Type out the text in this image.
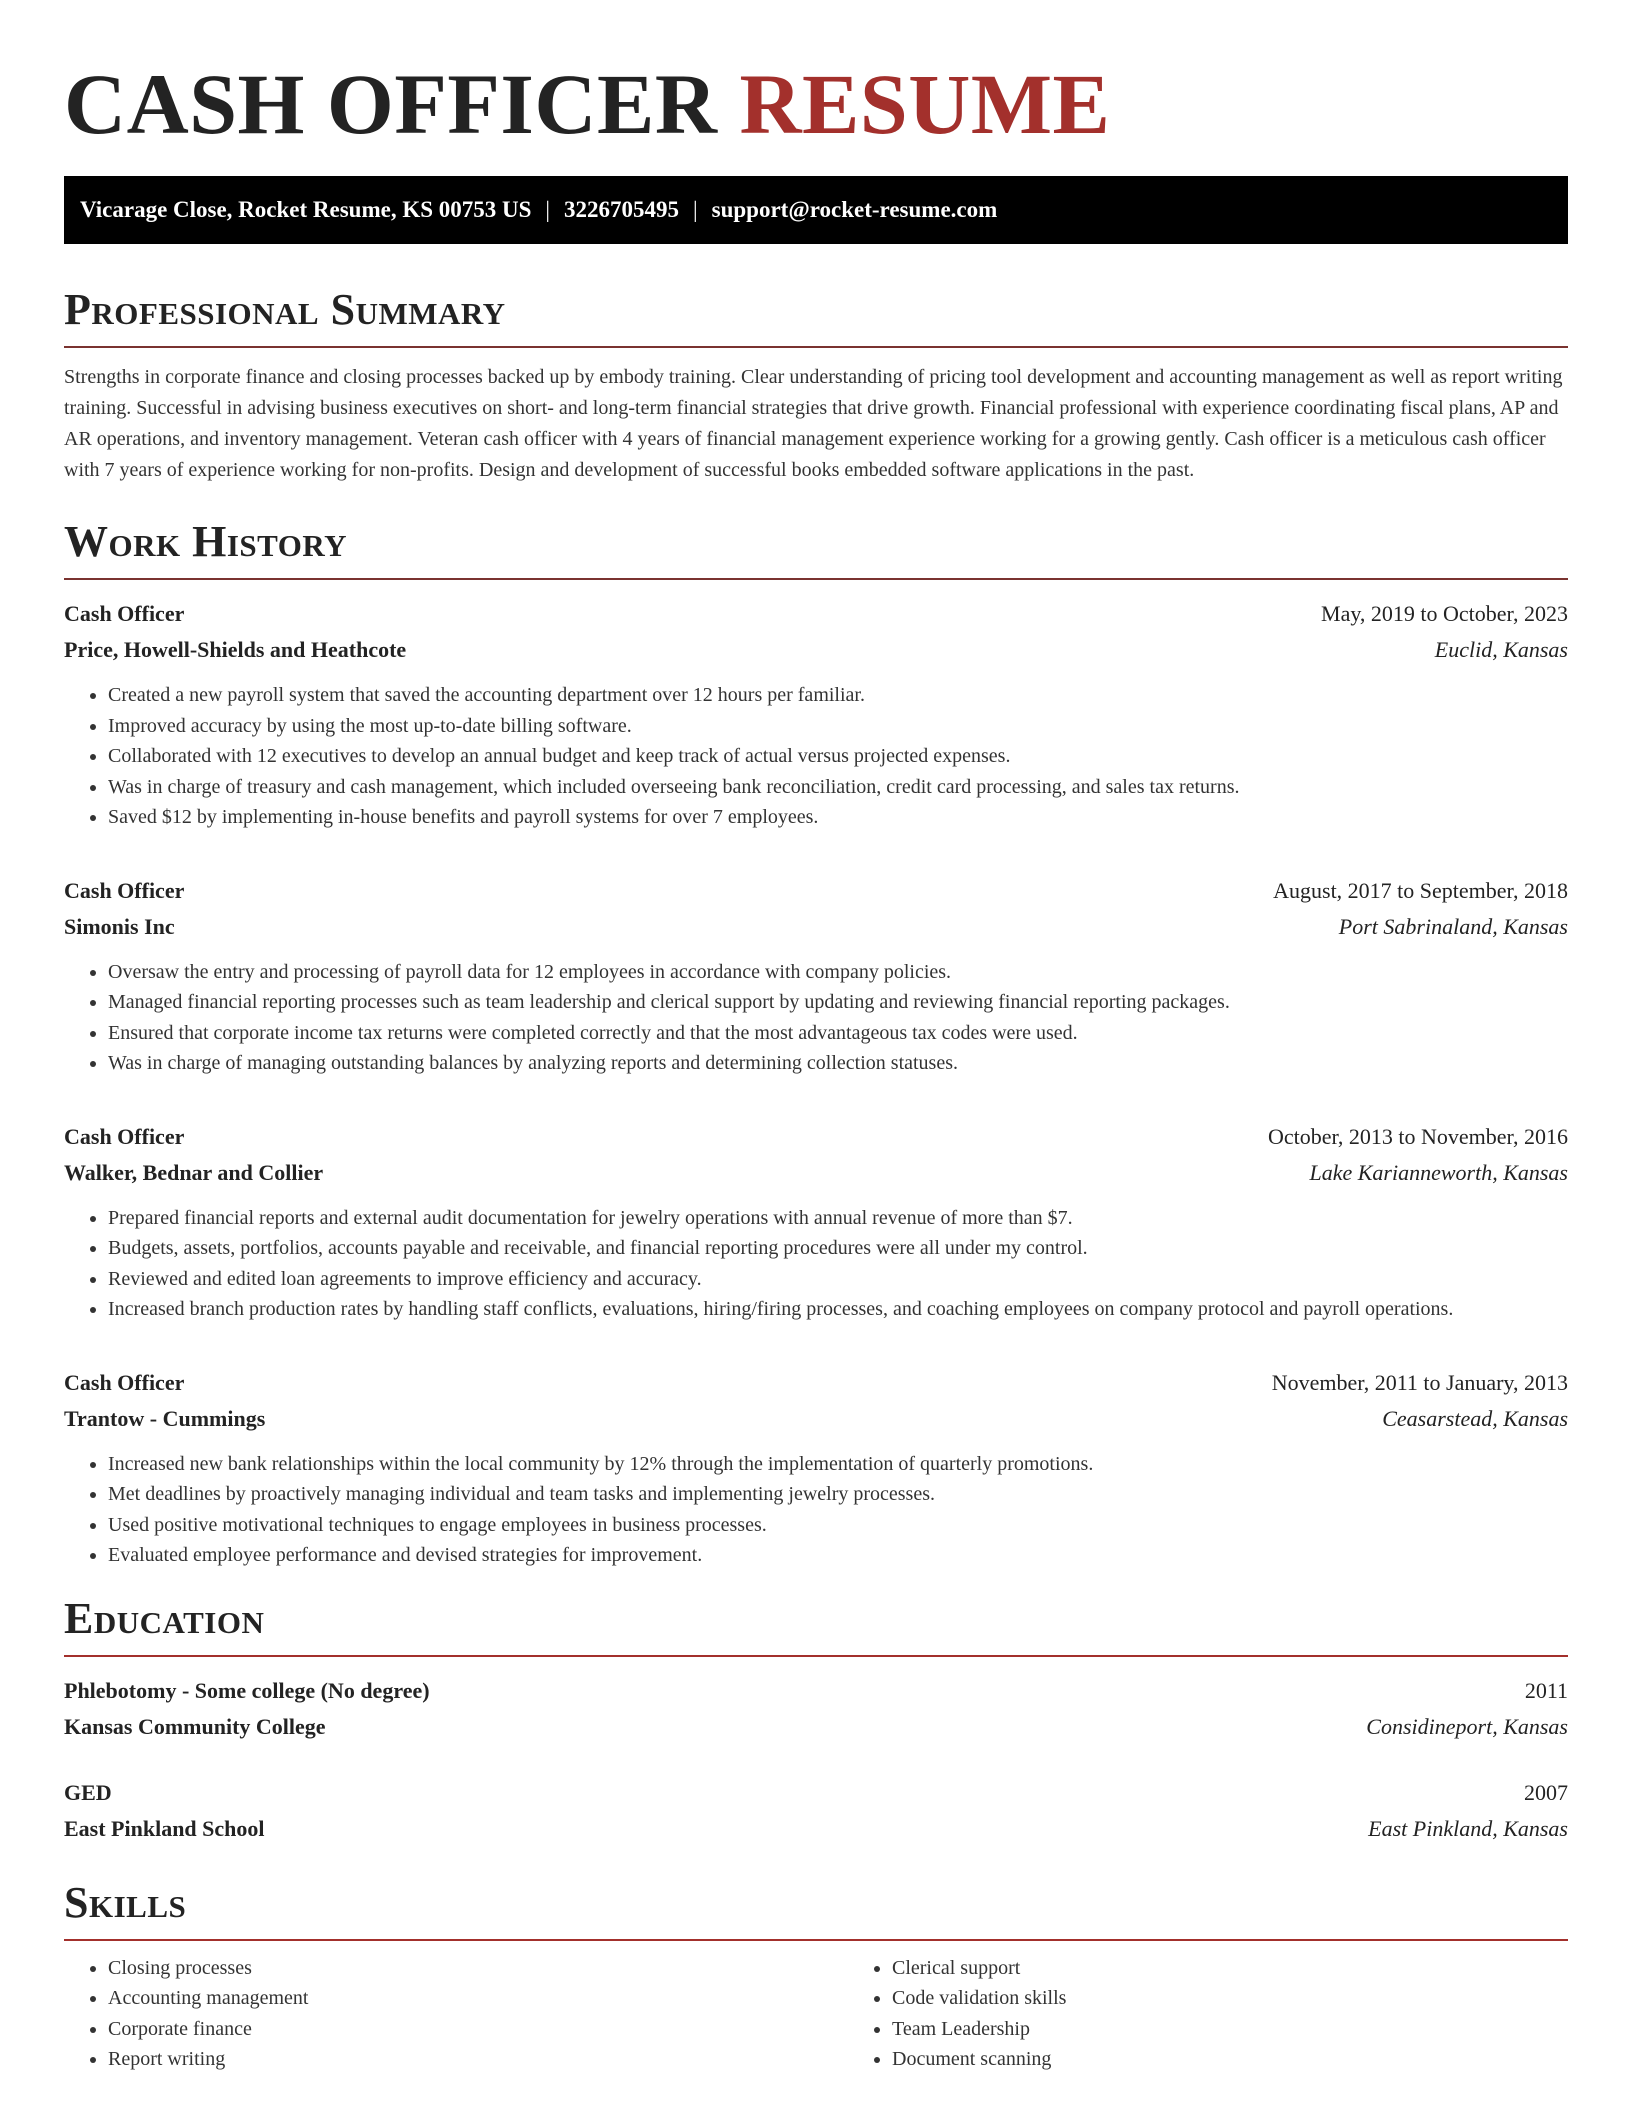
CASH OFFICER RESUME
Vicarage Close, Rocket Resume, KS 00753 US | 3226705495 | support@rocket-resume.com
Professional Summary

Strengths in corporate finance and closing processes backed up by embody training. Clear understanding of pricing tool development and accounting management as well as report writing training. Successful in advising business executives on short- and long-term financial strategies that drive growth. Financial professional with experience coordinating fiscal plans, AP and AR operations, and inventory management. Veteran cash officer with 4 years of financial management experience working for a growing gently. Cash officer is a meticulous cash officer with 7 years of experience working for non-profits. Design and development of successful books embedded software applications in the past.

Work History
Cash Officer	May, 2019 to October, 2023
Price, Howell-Shields and Heathcote	Euclid, Kansas
• Created a new payroll system that saved the accounting department over 12 hours per familiar.
• Improved accuracy by using the most up-to-date billing software.
• Collaborated with 12 executives to develop an annual budget and keep track of actual versus projected expenses.
• Was in charge of treasury and cash management, which included overseeing bank reconciliation, credit card processing, and sales tax returns.
• Saved $12 by implementing in-house benefits and payroll systems for over 7 employees.
Cash Officer	August, 2017 to September, 2018
Simonis Inc	Port Sabrinaland, Kansas
• Oversaw the entry and processing of payroll data for 12 employees in accordance with company policies.
• Managed financial reporting processes such as team leadership and clerical support by updating and reviewing financial reporting packages.
• Ensured that corporate income tax returns were completed correctly and that the most advantageous tax codes were used.
• Was in charge of managing outstanding balances by analyzing reports and determining collection statuses.
Cash Officer	October, 2013 to November, 2016
Walker, Bednar and Collier	Lake Karianneworth, Kansas
• Prepared financial reports and external audit documentation for jewelry operations with annual revenue of more than $7.
• Budgets, assets, portfolios, accounts payable and receivable, and financial reporting procedures were all under my control.
• Reviewed and edited loan agreements to improve efficiency and accuracy.
• Increased branch production rates by handling staff conflicts, evaluations, hiring/firing processes, and coaching employees on company protocol and payroll operations.
Cash Officer	November, 2011 to January, 2013
Trantow - Cummings	Ceasarstead, Kansas
• Increased new bank relationships within the local community by 12% through the implementation of quarterly promotions.
• Met deadlines by proactively managing individual and team tasks and implementing jewelry processes.
• Used positive motivational techniques to engage employees in business processes.
• Evaluated employee performance and devised strategies for improvement.
Education
Phlebotomy - Some college (No degree)	2011
Kansas Community College	Considineport, Kansas
GED	2007
East Pinkland School	East Pinkland, Kansas
Skills
• Closing processes
• Accounting management
• Corporate finance
• Report writing
• Clerical support
• Code validation skills
• Team Leadership
• Document scanning
